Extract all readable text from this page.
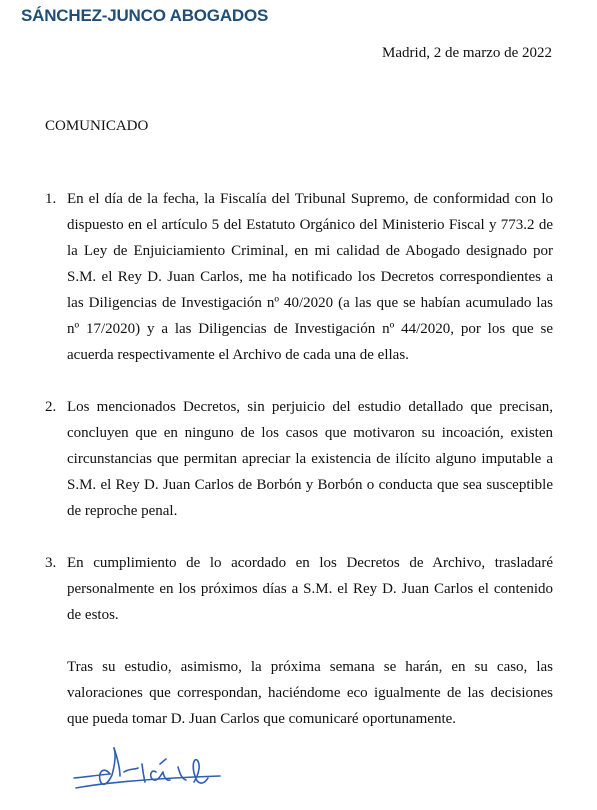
SÁNCHEZ-JUNCO ABOGADOS
Madrid, 2 de marzo de 2022
COMUNICADO
1. En el día de la fecha, la Fiscalía del Tribunal Supremo, de conformidad con lo dispuesto en el artículo 5 del Estatuto Orgánico del Ministerio Fiscal y 773.2 de la Ley de Enjuiciamiento Criminal, en mi calidad de Abogado designado por S.M. el Rey D. Juan Carlos, me ha notificado los Decretos correspondientes a las Diligencias de Investigación nº 40/2020 (a las que se habían acumulado las nº 17/2020) y a las Diligencias de Investigación nº 44/2020, por los que se acuerda respectivamente el Archivo de cada una de ellas.
2. Los mencionados Decretos, sin perjuicio del estudio detallado que precisan, concluyen que en ninguno de los casos que motivaron su incoación, existen circunstancias que permitan apreciar la existencia de ilícito alguno imputable a S.M. el Rey D. Juan Carlos de Borbón y Borbón o conducta que sea susceptible de reproche penal.
3. En cumplimiento de lo acordado en los Decretos de Archivo, trasladaré personalmente en los próximos días a S.M. el Rey D. Juan Carlos el contenido de estos.
Tras su estudio, asimismo, la próxima semana se harán, en su caso, las valoraciones que correspondan, haciéndome eco igualmente de las decisiones que pueda tomar D. Juan Carlos que comunicaré oportunamente.
